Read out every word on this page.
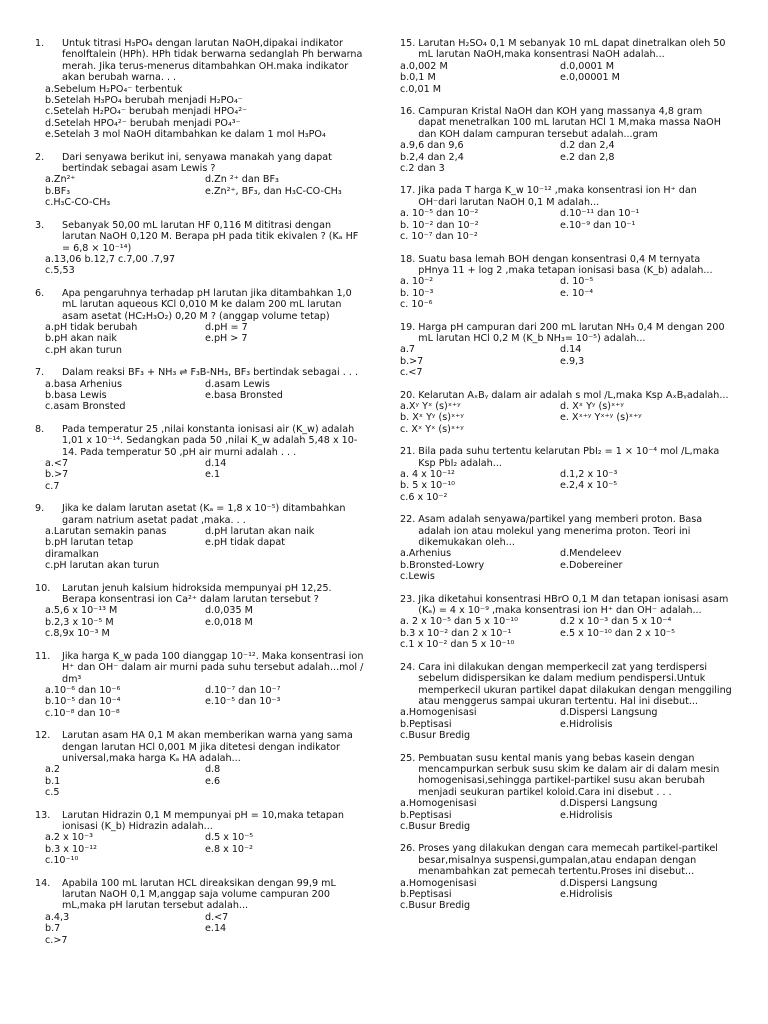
1.	Untuk titrasi H₃PO₄ dengan larutan NaOH,dipakai indikator fenolftalein (HPh). HPh tidak berwarna sedanglah Ph berwarna merah. Jika terus-menerus ditambahkan OH.maka indikator akan berubah warna. . .
a.Sebelum H₂PO₄⁻ terbentuk
b.Setelah H₃PO₄ berubah menjadi H₂PO₄⁻
c.Setelah H₂PO₄⁻ berubah menjadi HPO₄²⁻
d.Setelah HPO₄²⁻ berubah menjadi PO₄³⁻
e.Setelah 3 mol NaOH ditambahkan ke dalam 1 mol H₃PO₄
2.	Dari senyawa berikut ini, senyawa manakah yang dapat bertindak sebagai asam Lewis ?
a.Zn²⁺	d.Zn ²⁺ dan BF₃
b.BF₃	e.Zn²⁺, BF₃, dan H₃C-CO-CH₃
c.H₃C-CO-CH₃
3.	Sebanyak 50,00 mL larutan HF 0,116 M dititrasi dengan larutan NaOH 0,120 M. Berapa pH pada titik ekivalen ? (Kₐ HF = 6,8 × 10⁻¹⁴)
a.13,06 b.12,7 c.7,00 .7,97
c.5,53
6.	Apa pengaruhnya terhadap pH larutan jika ditambahkan 1,0 mL larutan aqueous KCl 0,010 M ke dalam 200 mL larutan asam asetat (HC₂H₃O₂) 0,20 M ? (anggap volume tetap)
a.pH tidak berubah	d.pH = 7
b.pH akan naik	e.pH > 7
c.pH akan turun
7.	Dalam reaksi BF₃ + NH₃ ⇌ F₃B-NH₃, BF₃ bertindak sebagai . . .
a.basa Arhenius	d.asam Lewis
b.basa Lewis	e.basa Bronsted
c.asam Bronsted
8.	Pada temperatur 25 ,nilai konstanta ionisasi air (K_w) adalah 1,01 x 10⁻¹⁴. Sedangkan pada 50 ,nilai K_w adalah 5,48 x 10-14. Pada temperatur 50 ,pH air murni adalah . . .
a.<7	d.14
b.>7	e.1
c.7
9.	Jika ke dalam larutan asetat (Kₐ = 1,8 x 10⁻⁵) ditambahkan garam natrium asetat padat ,maka. . .
a.Larutan semakin panas	d.pH larutan akan naik
b.pH larutan tetap	e.pH tidak dapat
diramalkan
c.pH larutan akan turun
10.	Larutan jenuh kalsium hidroksida mempunyai pH 12,25. Berapa konsentrasi ion Ca²⁺ dalam larutan tersebut ?
a.5,6 x 10⁻¹³ M	d.0,035 M
b.2,3 x 10⁻⁵ M	e.0,018 M
c.8,9x 10⁻³ M
11.	Jika harga K_w pada 100 dianggap 10⁻¹². Maka konsentrasi ion H⁺ dan OH⁻ dalam air murni pada suhu tersebut adalah...mol / dm³
a.10⁻⁶ dan 10⁻⁶	d.10⁻⁷ dan 10⁻⁷
b.10⁻⁵ dan 10⁻⁴	e.10⁻⁵ dan 10⁻³
c.10⁻⁸ dan 10⁻⁸
12.	Larutan asam HA 0,1 M akan memberikan warna yang sama dengan larutan HCl 0,001 M jika ditetesi dengan indikator universal,maka harga Kₐ HA adalah...
a.2	d.8
b.1	e.6
c.5
13.	Larutan Hidrazin 0,1 M mempunyai pH = 10,maka tetapan ionisasi (K_b) Hidrazin adalah...
a.2 x 10⁻³	d.5 x 10⁻⁵
b.3 x 10⁻¹²	e.8 x 10⁻²
c.10⁻¹⁰
14.	Apabila 100 mL larutan HCL direaksikan dengan 99,9 mL larutan NaOH 0,1 M,anggap saja volume campuran 200 mL,maka pH larutan tersebut adalah...
a.4,3	d.<7
b.7	e.14
c.>7
15. Larutan H₂SO₄ 0,1 M sebanyak 10 mL dapat dinetralkan oleh 50 mL larutan NaOH,maka konsentrasi NaOH adalah...
a.0,002 M	d.0,0001 M
b.0,1 M	e.0,00001 M
c.0,01 M
16. Campuran Kristal NaOH dan KOH yang massanya 4,8 gram dapat menetralkan 100 mL larutan HCl 1 M,maka massa NaOH dan KOH dalam campuran tersebut adalah...gram
a.9,6 dan 9,6	d.2 dan 2,4
b.2,4 dan 2,4	e.2 dan 2,8
c.2 dan 3
17. Jika pada T harga K_w 10⁻¹² ,maka konsentrasi ion H⁺ dan OH⁻dari larutan NaOH 0,1 M adalah...
a. 10⁻⁵ dan 10⁻²	d.10⁻¹¹ dan 10⁻¹
b. 10⁻² dan 10⁻²	e.10⁻⁹ dan 10⁻¹
c. 10⁻⁷ dan 10⁻²
18. Suatu basa lemah BOH dengan konsentrasi 0,4 M ternyata pHnya 11 + log 2 ,maka tetapan ionisasi basa (K_b) adalah...
a. 10⁻²	d. 10⁻⁵
b. 10⁻³	e. 10⁻⁴
c. 10⁻⁶
19. Harga pH campuran dari 200 mL larutan NH₃ 0,4 M dengan 200 mL larutan HCl 0,2 M (K_b NH₃= 10⁻⁵) adalah...
a.7	d.14
b.>7	e.9,3
c.<7
20. Kelarutan AₓBᵧ dalam air adalah s mol /L,maka Ksp AₓBᵧadalah...
a.Xʸ Yˣ (s)ˣ⁺ʸ	d. Xˣ Yʸ (s)ˣ⁺ʸ
b. Xˣ Yʸ (s)ˣ⁺ʸ	e. Xˣ⁺ʸ Yˣ⁺ʸ (s)ˣ⁺ʸ
c. Xˣ Yˣ (s)ˣ⁺ʸ
21. Bila pada suhu tertentu kelarutan PbI₂ = 1 × 10⁻⁴ mol /L,maka Ksp PbI₂ adalah...
a. 4 x 10⁻¹²	d.1,2 x 10⁻³
b. 5 x 10⁻¹⁰	e.2,4 x 10⁻⁵
c.6 x 10⁻²
22. Asam adalah senyawa/partikel yang memberi proton. Basa adalah ion atau molekul yang menerima proton. Teori ini dikemukakan oleh...
a.Arhenius	d.Mendeleev
b.Bronsted-Lowry	e.Dobereiner
c.Lewis
23. Jika diketahui konsentrasi HBrO 0,1 M dan tetapan ionisasi asam (Kₐ) = 4 x 10⁻⁹ ,maka konsentrasi ion H⁺ dan OH⁻ adalah...
a. 2 x 10⁻⁵ dan 5 x 10⁻¹⁰	d.2 x 10⁻³ dan 5 x 10⁻⁴
b.3 x 10⁻² dan 2 x 10⁻¹	e.5 x 10⁻¹⁰ dan 2 x 10⁻⁵
c.1 x 10⁻² dan 5 x 10⁻¹⁰
24. Cara ini dilakukan dengan memperkecil zat yang terdispersi sebelum didispersikan ke dalam medium pendispersi.Untuk memperkecil ukuran partikel dapat dilakukan dengan menggiling atau menggerus sampai ukuran tertentu. Hal ini disebut...
a.Homogenisasi	d.Dispersi Langsung
b.Peptisasi	e.Hidrolisis
c.Busur Bredig
25. Pembuatan susu kental manis yang bebas kasein dengan mencampurkan serbuk susu skim ke dalam air di dalam mesin homogenisasi,sehingga partikel-partikel susu akan berubah menjadi seukuran partikel koloid.Cara ini disebut . . .
a.Homogenisasi	d.Dispersi Langsung
b.Peptisasi	e.Hidrolisis
c.Busur Bredig
26. Proses yang dilakukan dengan cara memecah partikel-partikel besar,misalnya suspensi,gumpalan,atau endapan dengan menambahkan zat pemecah tertentu.Proses ini disebut...
a.Homogenisasi	d.Dispersi Langsung
b.Peptisasi	e.Hidrolisis
c.Busur Bredig
